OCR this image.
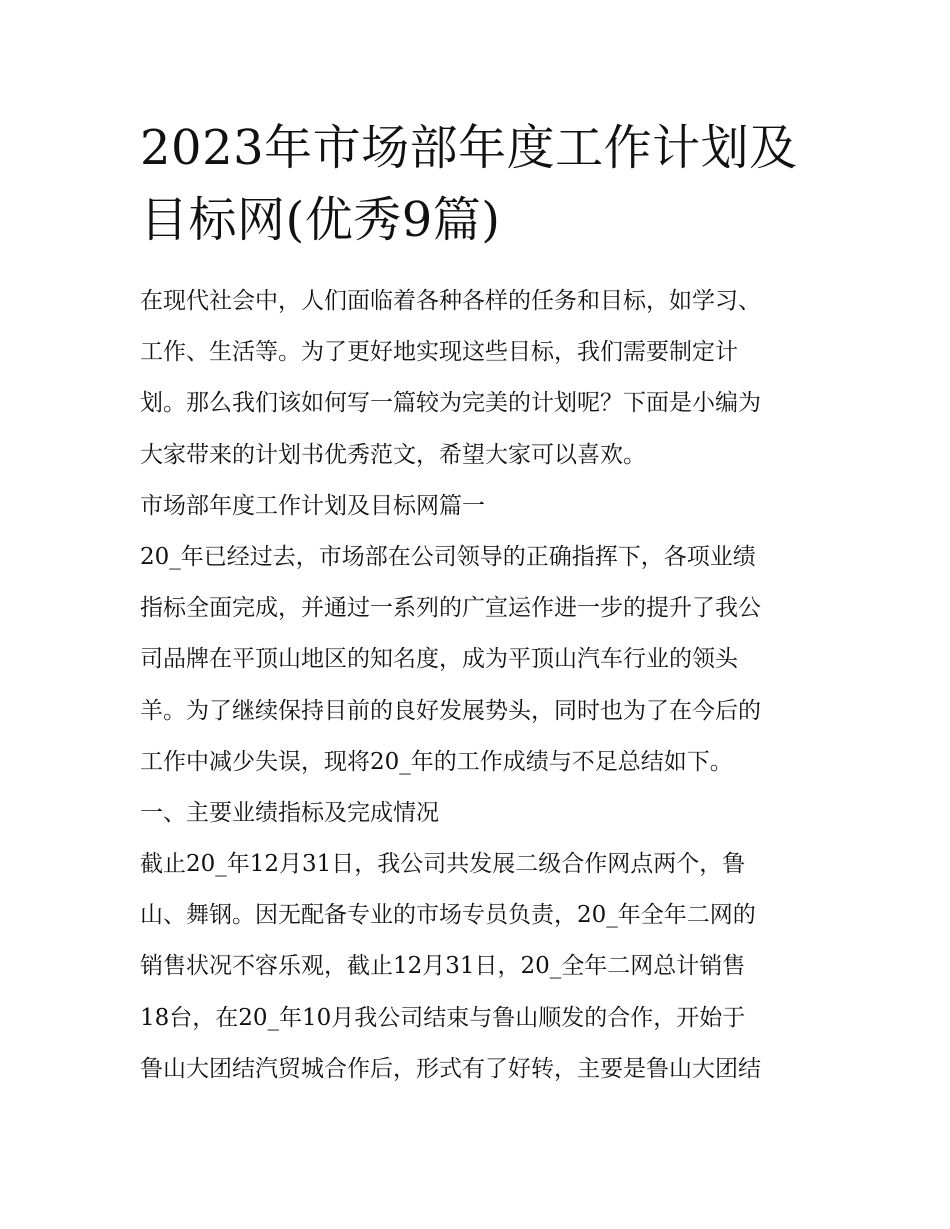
2023年市场部年度工作计划及
目标网(优秀9篇)
在现代社会中，人们面临着各种各样的任务和目标，如学习、
工作、生活等。为了更好地实现这些目标，我们需要制定计
划。那么我们该如何写一篇较为完美的计划呢？下面是小编为
大家带来的计划书优秀范文，希望大家可以喜欢。
市场部年度工作计划及目标网篇一
20_年已经过去，市场部在公司领导的正确指挥下，各项业绩
指标全面完成，并通过一系列的广宣运作进一步的提升了我公
司品牌在平顶山地区的知名度，成为平顶山汽车行业的领头
羊。为了继续保持目前的良好发展势头，同时也为了在今后的
工作中减少失误，现将20_年的工作成绩与不足总结如下。
一、主要业绩指标及完成情况
截止20_年12月31日，我公司共发展二级合作网点两个，鲁
山、舞钢。因无配备专业的市场专员负责，20_年全年二网的
销售状况不容乐观，截止12月31日，20_全年二网总计销售
18台，在20_年10月我公司结束与鲁山顺发的合作，开始于
鲁山大团结汽贸城合作后，形式有了好转，主要是鲁山大团结
